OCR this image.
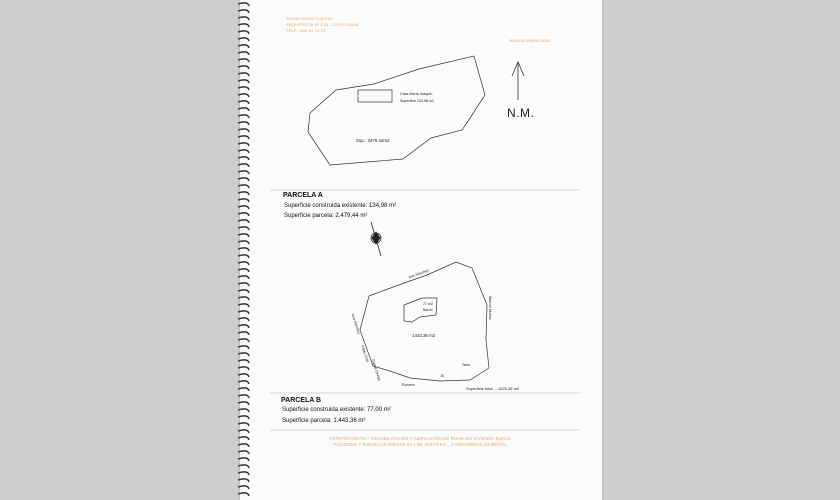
ELENA VIERA CUESTA
ARQUITECTA Nº COL. 17977 COAM
TELF.: 696 87 78 23
MADRID ENERO 2016
N.M.
Casa María Joaquín
Superficie 134.98 m2
Sup.: 2479.44m2
PARCELA A
Superficie construida existente: 134,98 m²
Superficie parcela: 2.479,44 m²
1443,36 m2
77 m2
Barrio
Superficie total.....1520,36 m2
Ann Sánchez
Manuel Muñoz
Ana Sánchez
Pablo Ortiz
Rafael Onega
Romero
El
Tarín
PARCELA B
Superficie construida existente: 77,00 m²
Superficie parcela: 1.443,36 m²
ANTEPROYECTO – REHABILITACIÓN Y AMPLIACIÓN DE RUINA EN VIVIENDA RURAL
POLÍGONO 7 PARCELAS ANEXAS 60 y 66. SUFARES _ CARBONERAS (ALMERÍA)
